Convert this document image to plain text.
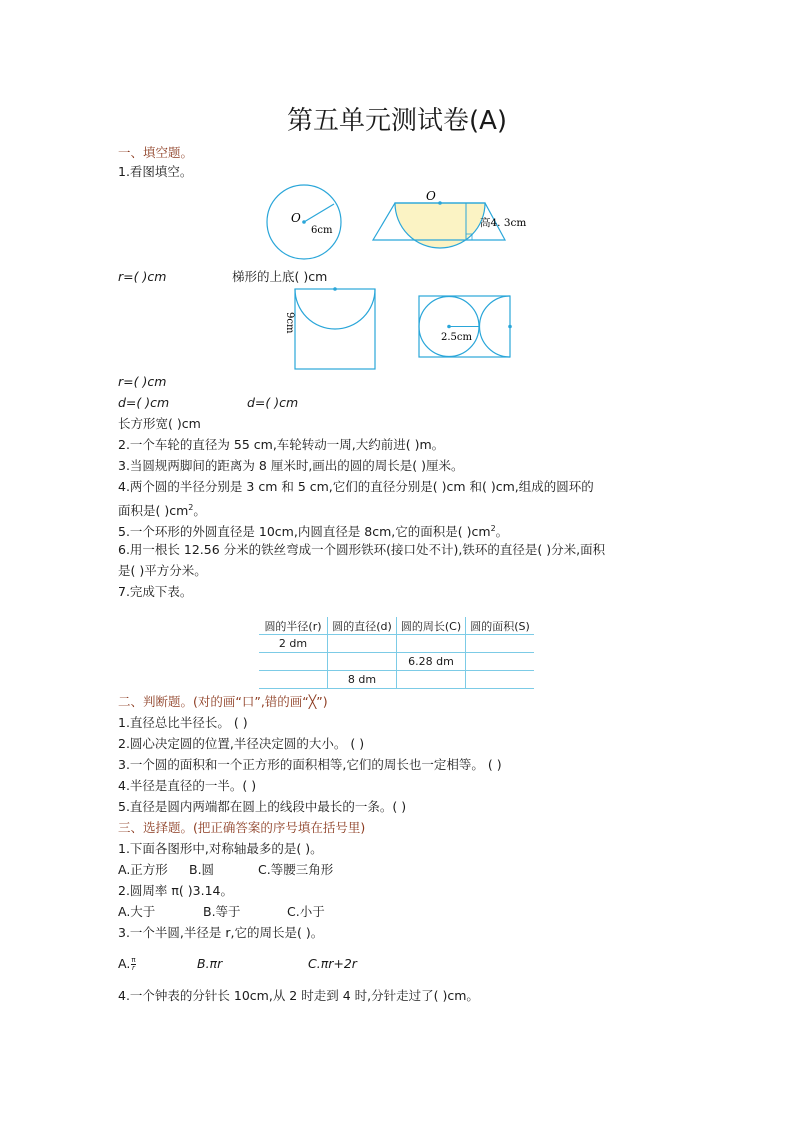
第五单元测试卷(A)
一、填空题。
1.看图填空。
O
6cm
O
高4. 3cm
r=( )cm	梯形的上底( )cm
9cm
2.5cm
r=( )cm
d=( )cm	d=( )cm
长方形宽( )cm
2.一个车轮的直径为 55 cm,车轮转动一周,大约前进( )m。
3.当圆规两脚间的距离为 8 厘米时,画出的圆的周长是( )厘米。
4.两个圆的半径分别是 3 cm 和 5 cm,它们的直径分别是( )cm 和( )cm,组成的圆环的
面积是( )$cm^2$。
5.一个环形的外圆直径是 10cm,内圆直径是 8cm,它的面积是( )$cm^2$。
6.用一根长 12.56 分米的铁丝弯成一个圆形铁环(接口处不计),铁环的直径是( )分米,面积
是( )平方分米。
7.完成下表。
圆的半径(r)	圆的直径(d)	圆的周长(C)	圆的面积(S)
2 dm			
		6.28 dm	
	8 dm		
二、判断题。(对的画“口”,错的画“╳”)
1.直径总比半径长。 ( )
2.圆心决定圆的位置,半径决定圆的大小。 ( )
3.一个圆的面积和一个正方形的面积相等,它们的周长也一定相等。 ( )
4.半径是直径的一半。( )
5.直径是圆内两端都在圆上的线段中最长的一条。( )
三、选择题。(把正确答案的序号填在括号里)
1.下面各图形中,对称轴最多的是( )。
A.正方形 B.圆	C.等腰三角形
2.圆周率 π( )3.14。
A.大于	B.等于	C.小于
3.一个半圆,半径是 r,它的周长是( )。
A. $\frac{\pi}{r}$	B.πr	C.πr+2r
4.一个钟表的分针长 10cm,从 2 时走到 4 时,分针走过了( )cm。
